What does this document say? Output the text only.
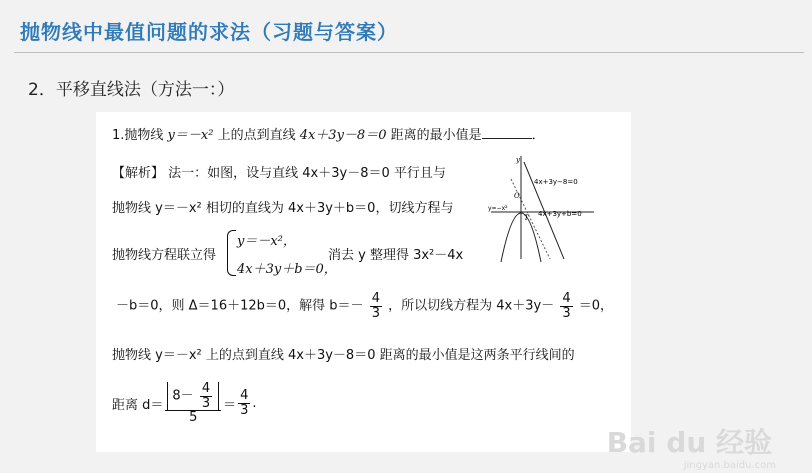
抛物线中最值问题的求法（习题与答案）
2．平移直线法（方法一：）
1.抛物线 y＝－x² 上的点到直线 4x＋3y－8＝0 距离的最小值是	．
【解析】 法一：如图，设与直线 4x＋3y－8＝0 平行且与
抛物线 y＝－x² 相切的直线为 4x＋3y＋b＝0，切线方程与
抛物线方程联立得
y＝－x²，
4x＋3y＋b＝0，
消去 y 整理得 3x²－4x
－b＝0，则 Δ＝16＋12b＝0，解得 $b=- \frac{4}{3}$ ，所以切线方程为 $4x+3y- \frac{4}{3} =0$，
抛物线 y＝－x² 上的点到直线 4x＋3y－8＝0 距离的最小值是这两条平行线间的
距离 $d= \frac{8- \frac{4}{3}}{5} = \frac{4}{3}$ .
y
4x+3y−8=0
y=−x²
O
T 4x+3y+b=0
Bai du 经验
jingyan.baidu.com
